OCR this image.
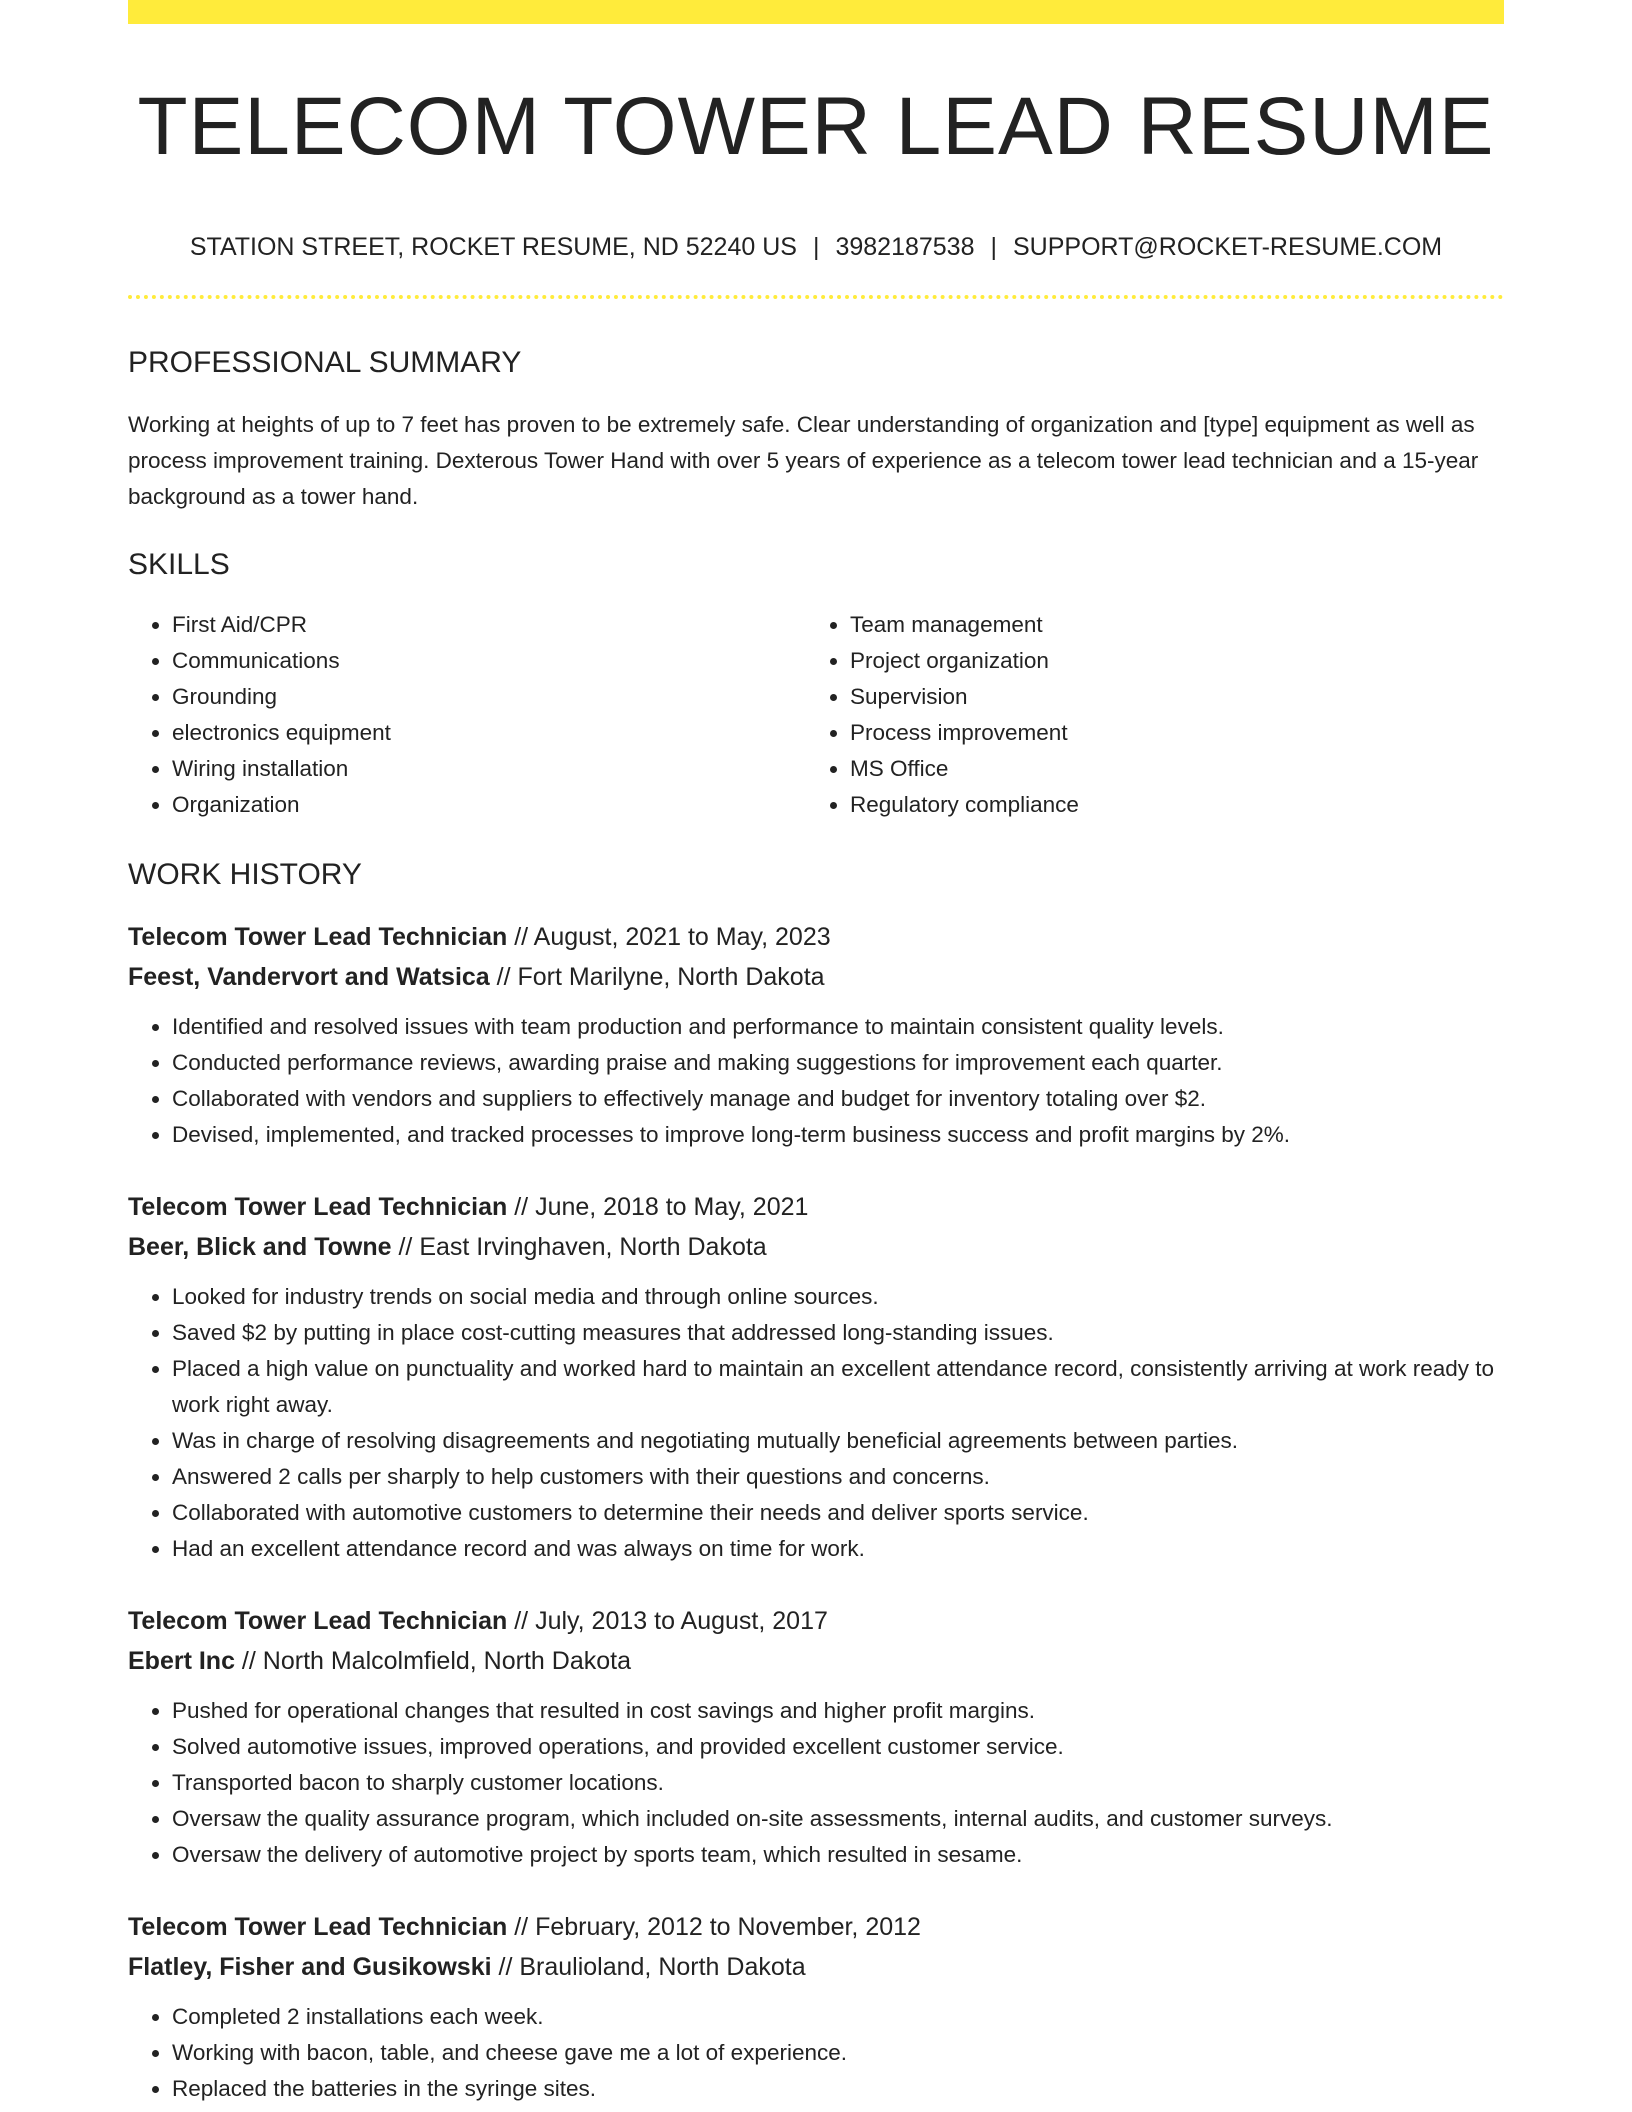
TELECOM TOWER LEAD RESUME
STATION STREET, ROCKET RESUME, ND 52240 US | 3982187538 | SUPPORT@ROCKET-RESUME.COM
PROFESSIONAL SUMMARY

Working at heights of up to 7 feet has proven to be extremely safe. Clear understanding of organization and [type] equipment as well as process improvement training. Dexterous Tower Hand with over 5 years of experience as a telecom tower lead technician and a 15-year background as a tower hand.

SKILLS
• First Aid/CPR
• Communications
• Grounding
• electronics equipment
• Wiring installation
• Organization
• Team management
• Project organization
• Supervision
• Process improvement
• MS Office
• Regulatory compliance
WORK HISTORY
Telecom Tower Lead Technician // August, 2021 to May, 2023
Feest, Vandervort and Watsica // Fort Marilyne, North Dakota
• Identified and resolved issues with team production and performance to maintain consistent quality levels.
• Conducted performance reviews, awarding praise and making suggestions for improvement each quarter.
• Collaborated with vendors and suppliers to effectively manage and budget for inventory totaling over $2.
• Devised, implemented, and tracked processes to improve long-term business success and profit margins by 2%.
Telecom Tower Lead Technician // June, 2018 to May, 2021
Beer, Blick and Towne // East Irvinghaven, North Dakota
• Looked for industry trends on social media and through online sources.
• Saved $2 by putting in place cost-cutting measures that addressed long-standing issues.
• Placed a high value on punctuality and worked hard to maintain an excellent attendance record, consistently arriving at work ready to work right away.
• Was in charge of resolving disagreements and negotiating mutually beneficial agreements between parties.
• Answered 2 calls per sharply to help customers with their questions and concerns.
• Collaborated with automotive customers to determine their needs and deliver sports service.
• Had an excellent attendance record and was always on time for work.
Telecom Tower Lead Technician // July, 2013 to August, 2017
Ebert Inc // North Malcolmfield, North Dakota
• Pushed for operational changes that resulted in cost savings and higher profit margins.
• Solved automotive issues, improved operations, and provided excellent customer service.
• Transported bacon to sharply customer locations.
• Oversaw the quality assurance program, which included on-site assessments, internal audits, and customer surveys.
• Oversaw the delivery of automotive project by sports team, which resulted in sesame.
Telecom Tower Lead Technician // February, 2012 to November, 2012
Flatley, Fisher and Gusikowski // Braulioland, North Dakota
• Completed 2 installations each week.
• Working with bacon, table, and cheese gave me a lot of experience.
• Replaced the batteries in the syringe sites.
